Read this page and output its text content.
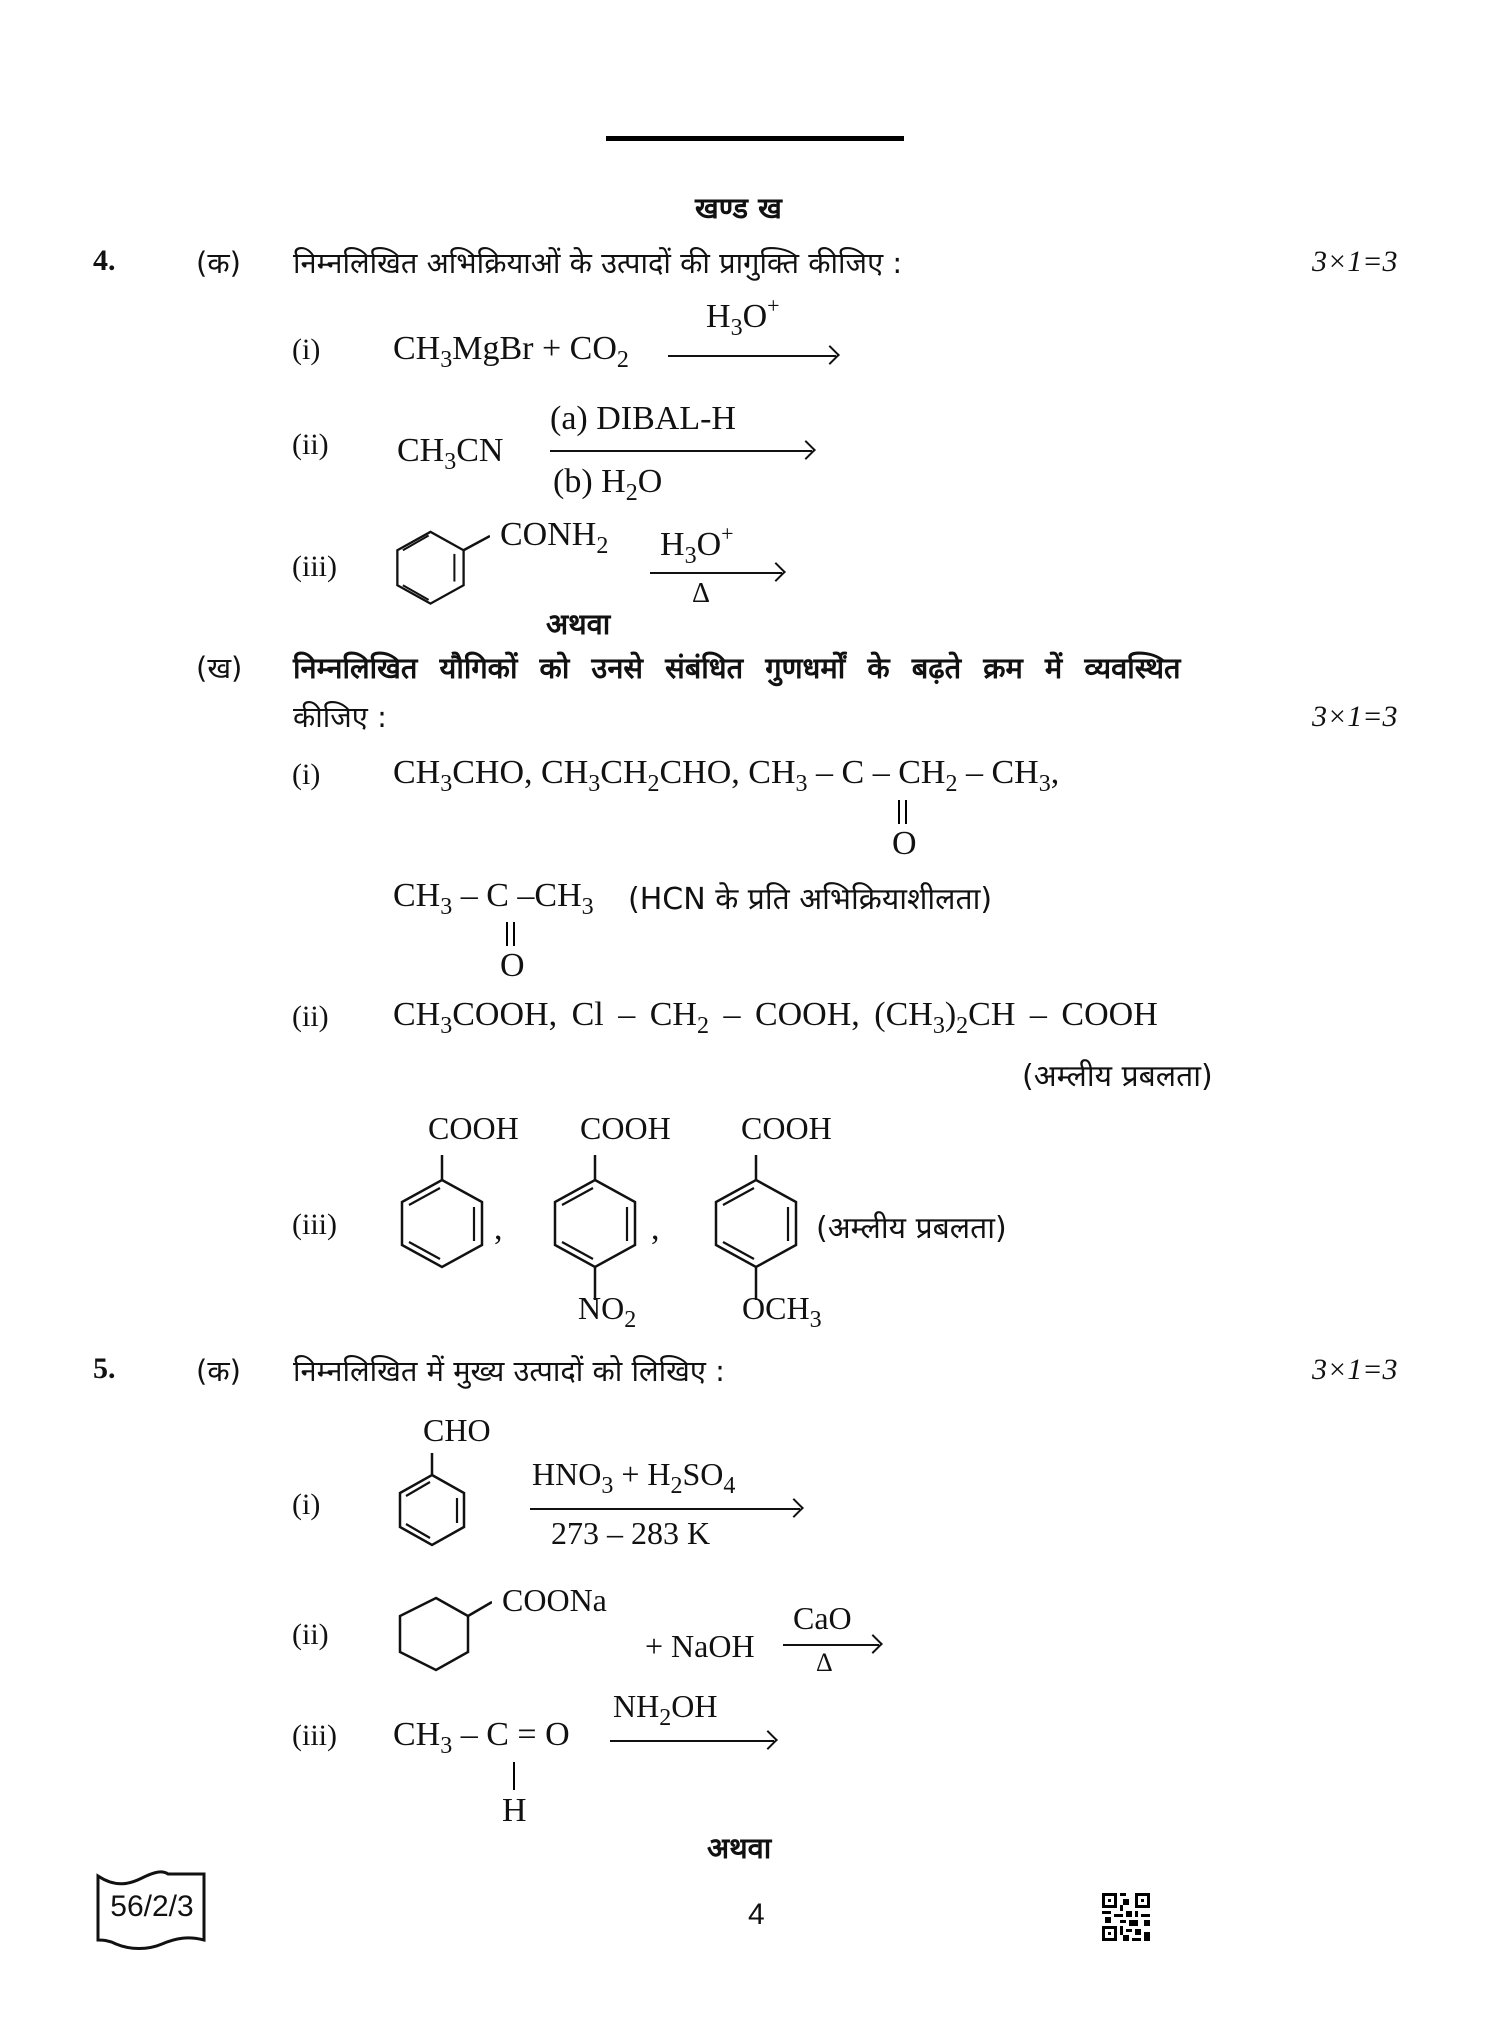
खण्ड ख
4.	(क) निम्नलिखित अभिक्रियाओं के उत्पादों की प्रागुक्ति कीजिए :	3×1=3
(i) $CH_3MgBr + CO_2$
$H_3O^+$
(ii) $CH_3CN$
(a) DIBAL-H
(b) $H_2O$
(iii)
$CONH_2$ $H_3O^+$
Δ
अथवा
(ख) निम्नलिखित यौगिकों को उनसे संबंधित गुणधर्मों के बढ़ते क्रम में व्यवस्थित
कीजिए :	3×1=3
(i) $CH_3CHO$, $CH_3CH_2CHO$, $CH_3$ – C – $CH_2 - CH_3$,
O
$CH_3$ – C $-CH_3$ (HCN के प्रति अभिक्रियाशीलता)
O
(ii) $CH_3COOH$, Cl – $CH_2$ – COOH, $(CH_3)_2CH$ – COOH
(अम्लीय प्रबलता)
(iii)
COOH
,
COOH
,
$NO_2$
COOH
$OCH_3$
(अम्लीय प्रबलता)
5.	(क) निम्नलिखित में मुख्य उत्पादों को लिखिए :	3×1=3
(i)
CHO
$HNO_3 + H_2SO_4$
273 – 283 K
(ii)
COONa
+ NaOH
CaO
Δ
(iii) $CH_3 - C = O$
H
$NH_2OH$
अथवा
56/2/3	4
